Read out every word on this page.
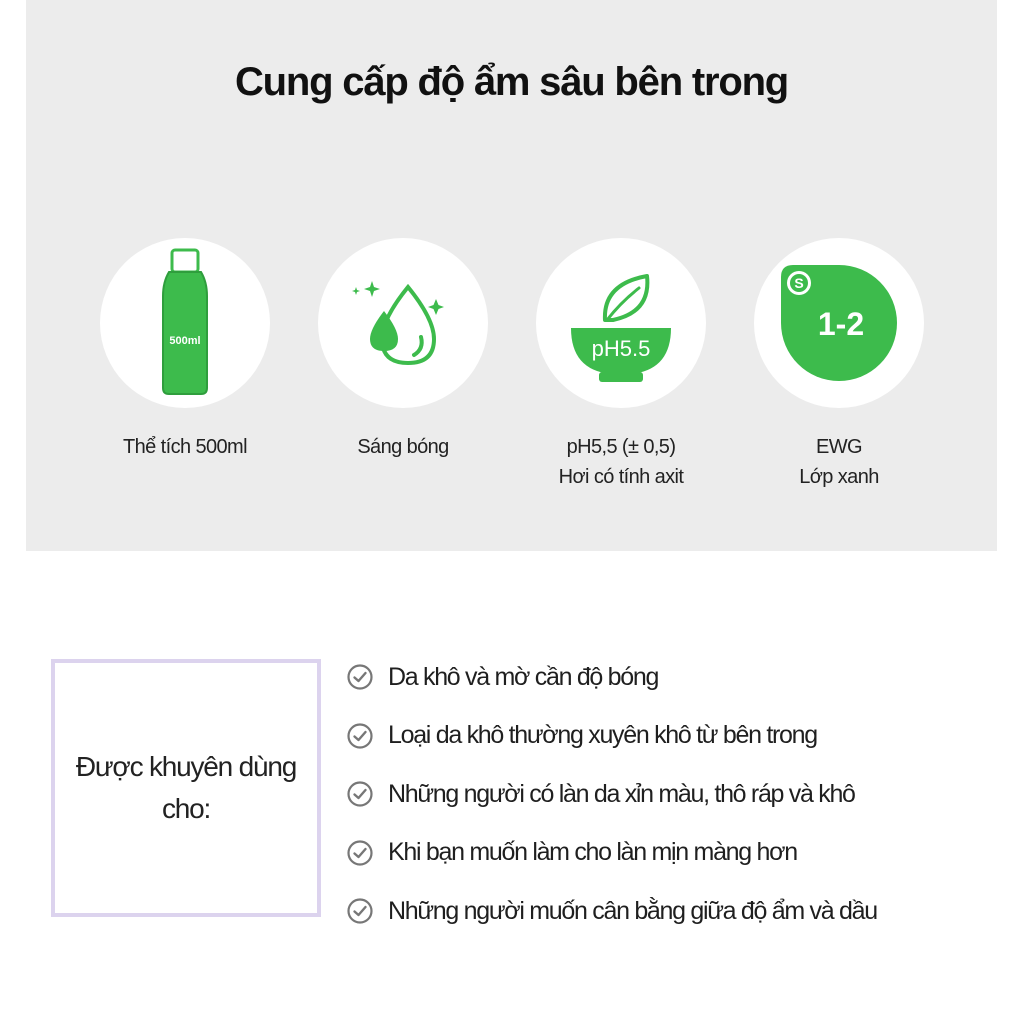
Cung cấp độ ẩm sâu bên trong
500ml
Thể tích 500ml	Sáng bóng
pH5.5
pH5,5 (± 0,5)
Hơi có tính axit
S
1-2
EWG
Lớp xanh
Được khuyên dùng cho:
Da khô và mờ cần độ bóng
Loại da khô thường xuyên khô từ bên trong
Những người có làn da xỉn màu, thô ráp và khô
Khi bạn muốn làm cho làn mịn màng hơn
Những người muốn cân bằng giữa độ ẩm và dầu
